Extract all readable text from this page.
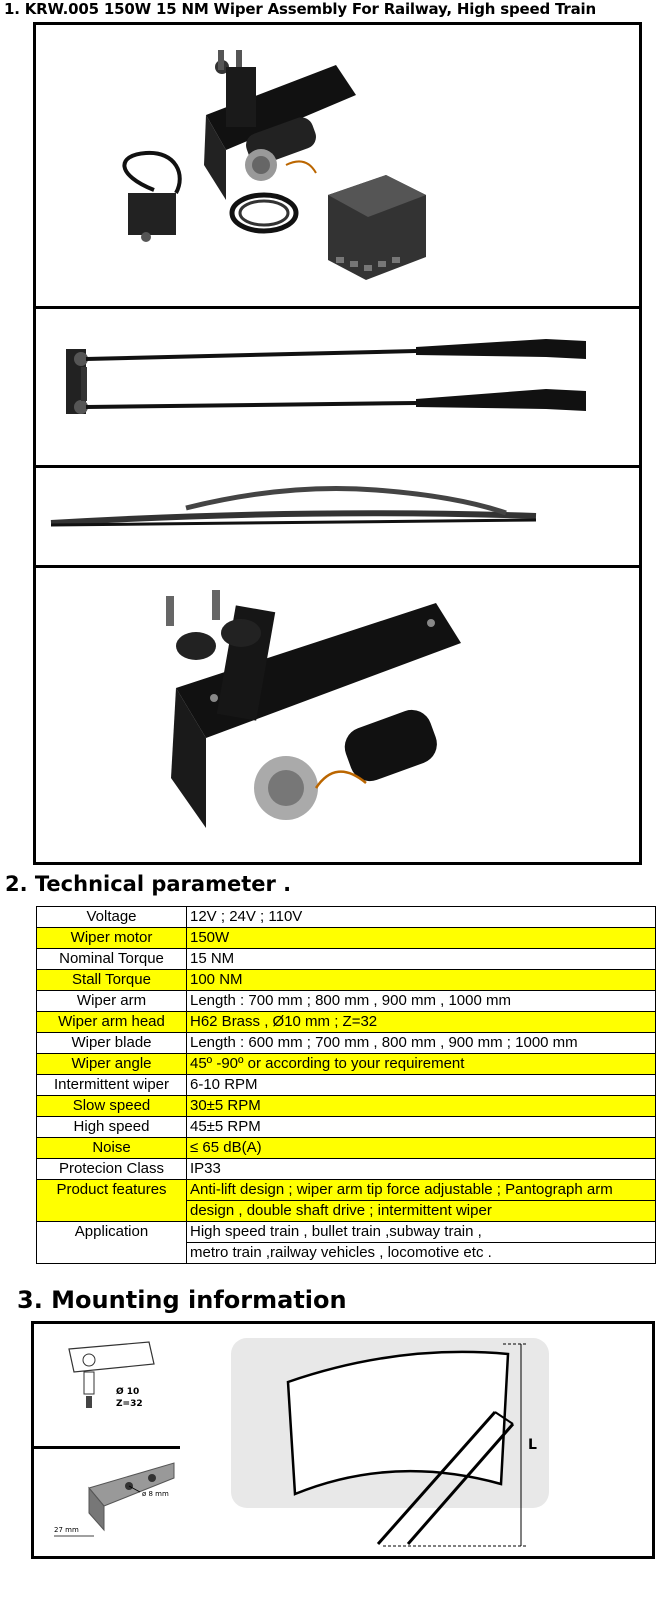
1. KRW.005 150W 15 NM Wiper Assembly For Railway, High speed Train
2. Technical parameter .
Voltage	12V ; 24V ; 110V
Wiper motor	150W
Nominal Torque	15 NM
Stall Torque	100 NM
Wiper arm	Length : 700 mm ; 800 mm , 900 mm , 1000 mm
Wiper arm head	H62 Brass , Ø10 mm ; Z=32
Wiper blade	Length : 600 mm ; 700 mm , 800 mm , 900 mm ; 1000 mm
Wiper angle	45º -90º or according to your requirement
Intermittent wiper	6-10 RPM
Slow speed	30±5 RPM
High speed	45±5 RPM
Noise	≤ 65 dB(A)
Protecion Class	IP33
Product features	Anti-lift design ; wiper arm tip force adjustable ; Pantograph arm
	design , double shaft drive ; intermittent wiper
Application	High speed train , bullet train ,subway train ,
	metro train ,railway vehicles , locomotive etc .
3. Mounting information
Ø 10
Z=32
ø 8 mm
27 mm
L
